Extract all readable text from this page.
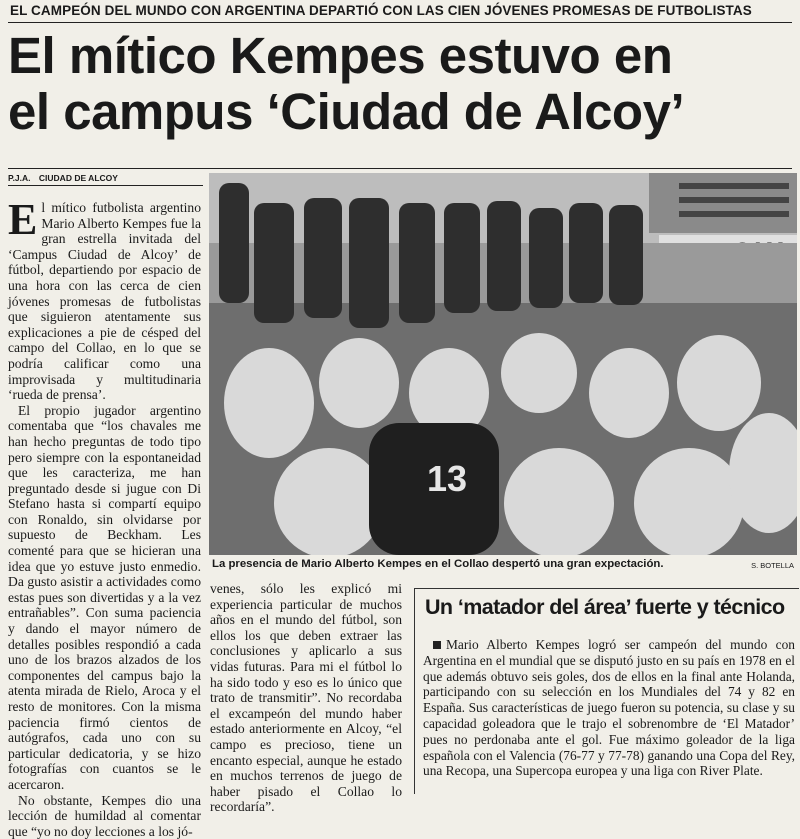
EL CAMPEÓN DEL MUNDO CON ARGENTINA DEPARTIÓ CON LAS CIEN JÓVENES PROMESAS DE FUTBOLISTAS
El mítico Kempes estuvo en
el campus ‘Ciudad de Alcoy’
P.J.A. CIUDAD DE ALCOY

El mítico futbolista argentino Mario Alberto Kempes fue la gran estrella invitada del ‘Campus Ciudad de Alcoy’ de fútbol, departiendo por espacio de una hora con las cerca de cien jóvenes promesas de futbolistas que siguieron atentamente sus explicaciones a pie de césped del campo del Collao, en lo que se podría calificar como una improvisada y multitudinaria ‘rueda de prensa’.

El propio jugador argentino comentaba que “los chavales me han hecho preguntas de todo tipo pero siempre con la espontaneidad que les caracteriza, me han preguntado desde si jugue con Di Stefano hasta si compartí equipo con Ronaldo, sin olvidarse por supuesto de Beckham. Les comenté para que se hicieran una idea que yo estuve justo enmedio. Da gusto asistir a actividades como estas pues son divertidas y a la vez entrañables”. Con suma paciencia y dando el mayor número de detalles posibles respondió a cada uno de los brazos alzados de los componentes del campus bajo la atenta mirada de Rielo, Aroca y el resto de monitores. Con la misma paciencia firmó cientos de autógrafos, cada uno con su particular dedicatoria, y se hizo fotografías con cuantos se le acercaron.

No obstante, Kempes dio una lección de humildad al comentar que “yo no doy lecciones a los jó-

13
La presencia de Mario Alberto Kempes en el Collao despertó una gran expectación.	S. BOTELLA

venes, sólo les explicó mi experiencia particular de muchos años en el mundo del fútbol, son ellos los que deben extraer las conclusiones y aplicarlo a sus vidas futuras. Para mi el fútbol lo ha sido todo y eso es lo único que trato de transmitir”. No recordaba el excampeón del mundo haber estado anteriormente en Alcoy, “el campo es precioso, tiene un encanto especial, aunque he estado en muchos terrenos de juego de haber pisado el Collao lo recordaría”.

Un ‘matador del área’ fuerte y técnico

Mario Alberto Kempes logró ser campeón del mundo con Argentina en el mundial que se disputó justo en su país en 1978 en el que además obtuvo seis goles, dos de ellos en la final ante Holanda, participando con su selección en los Mundiales del 74 y 82 en España. Sus características de juego fueron su potencia, su clase y su capacidad goleadora que le trajo el sobrenombre de ‘El Matador’ pues no perdonaba ante el gol. Fue máximo goleador de la liga española con el Valencia (76-77 y 77-78) ganando una Copa del Rey, una Recopa, una Supercopa europea y una liga con River Plate.
